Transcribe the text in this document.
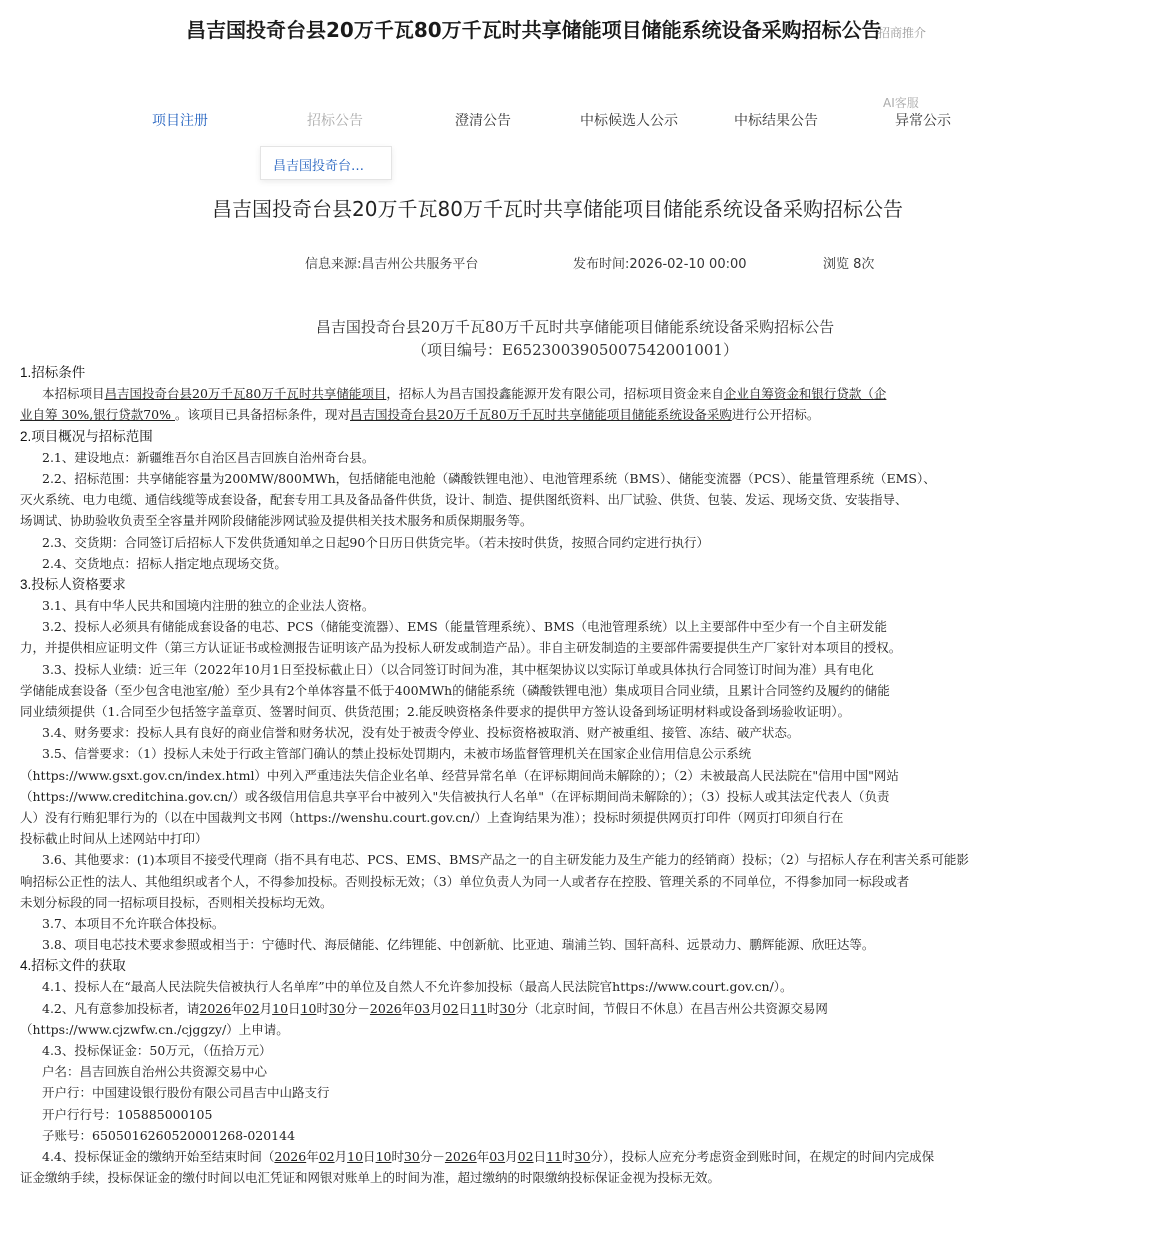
昌吉国投奇台县20万千瓦80万千瓦时共享储能项目储能系统设备采购招标公告
招商推介
AI客服
项目注册	招标公告	澄清公告	中标候选人公示	中标结果公告	异常公示
昌吉国投奇台…
昌吉国投奇台县20万千瓦80万千瓦时共享储能项目储能系统设备采购招标公告
信息来源:昌吉州公共服务平台	发布时间:2026-02-10 00:00	浏览 8次
昌吉国投奇台县20万千瓦80万千瓦时共享储能项目储能系统设备采购招标公告
（项目编号：E6523003905007542001001）
1.招标条件
本招标项目昌吉国投奇台县20万千瓦80万千瓦时共享储能项目，招标人为昌吉国投鑫能源开发有限公司，招标项目资金来自企业自筹资金和银行贷款（企
业自筹 30%,银行贷款70% 。该项目已具备招标条件，现对昌吉国投奇台县20万千瓦80万千瓦时共享储能项目储能系统设备采购进行公开招标。
2.项目概况与招标范围
2.1、建设地点：新疆维吾尔自治区昌吉回族自治州奇台县。
2.2、招标范围：共享储能容量为200MW/800MWh，包括储能电池舱（磷酸铁锂电池）、电池管理系统（BMS）、储能变流器（PCS）、能量管理系统（EMS）、
灭火系统、电力电缆、通信线缆等成套设备，配套专用工具及备品备件供货，设计、制造、提供图纸资料、出厂试验、供货、包装、发运、现场交货、安装指导、
场调试、协助验收负责至全容量并网阶段储能涉网试验及提供相关技术服务和质保期服务等。
2.3、交货期：合同签订后招标人下发供货通知单之日起90个日历日供货完毕。（若未按时供货，按照合同约定进行执行）
2.4、交货地点：招标人指定地点现场交货。
3.投标人资格要求
3.1、具有中华人民共和国境内注册的独立的企业法人资格。
3.2、投标人必须具有储能成套设备的电芯、PCS（储能变流器）、EMS（能量管理系统）、BMS（电池管理系统）以上主要部件中至少有一个自主研发能
力，并提供相应证明文件（第三方认证证书或检测报告证明该产品为投标人研发或制造产品）。非自主研发制造的主要部件需要提供生产厂家针对本项目的授权。
3.3、投标人业绩：近三年（2022年10月1日至投标截止日）（以合同签订时间为准，其中框架协议以实际订单或具体执行合同签订时间为准）具有电化
学储能成套设备（至少包含电池室/舱）至少具有2个单体容量不低于400MWh的储能系统（磷酸铁锂电池）集成项目合同业绩，且累计合同签约及履约的储能
同业绩须提供（1.合同至少包括签字盖章页、签署时间页、供货范围；2.能反映资格条件要求的提供甲方签认设备到场证明材料或设备到场验收证明）。
3.4、财务要求：投标人具有良好的商业信誉和财务状况，没有处于被责令停业、投标资格被取消、财产被重组、接管、冻结、破产状态。
3.5、信誉要求：（1）投标人未处于行政主管部门确认的禁止投标处罚期内，未被市场监督管理机关在国家企业信用信息公示系统
（https://www.gsxt.gov.cn/index.html）中列入严重违法失信企业名单、经营异常名单（在评标期间尚未解除的）；（2）未被最高人民法院在"信用中国"网站
（https://www.creditchina.gov.cn/）或各级信用信息共享平台中被列入"失信被执行人名单"（在评标期间尚未解除的）；（3）投标人或其法定代表人（负责
人）没有行贿犯罪行为的（以在中国裁判文书网（https://wenshu.court.gov.cn/）上查询结果为准）；投标时须提供网页打印件（网页打印须自行在
投标截止时间从上述网站中打印）
3.6、其他要求：(1)本项目不接受代理商（指不具有电芯、PCS、EMS、BMS产品之一的自主研发能力及生产能力的经销商）投标；（2）与招标人存在利害关系可能影
响招标公正性的法人、其他组织或者个人，不得参加投标。否则投标无效；（3）单位负责人为同一人或者存在控股、管理关系的不同单位，不得参加同一标段或者
未划分标段的同一招标项目投标，否则相关投标均无效。
3.7、本项目不允许联合体投标。
3.8、项目电芯技术要求参照或相当于：宁德时代、海辰储能、亿纬锂能、中创新航、比亚迪、瑞浦兰钧、国轩高科、远景动力、鹏辉能源、欣旺达等。
4.招标文件的获取
4.1、投标人在“最高人民法院失信被执行人名单库”中的单位及自然人不允许参加投标（最高人民法院官https://www.court.gov.cn/）。
4.2、凡有意参加投标者，请2026年02月10日10时30分－2026年03月02日11时30分（北京时间，节假日不休息）在昌吉州公共资源交易网
（https://www.cjzwfw.cn./cjggzy/）上申请。
4.3、投标保证金：50万元，（伍拾万元）
户名：昌吉回族自治州公共资源交易中心
开户行：中国建设银行股份有限公司昌吉中山路支行
开户行行号：105885000105
子账号：6505016260520001268-020144
4.4、投标保证金的缴纳开始至结束时间（2026年02月10日10时30分－2026年03月02日11时30分），投标人应充分考虑资金到账时间，在规定的时间内完成保
证金缴纳手续，投标保证金的缴付时间以电汇凭证和网银对账单上的时间为准，超过缴纳的时限缴纳投标保证金视为投标无效。
